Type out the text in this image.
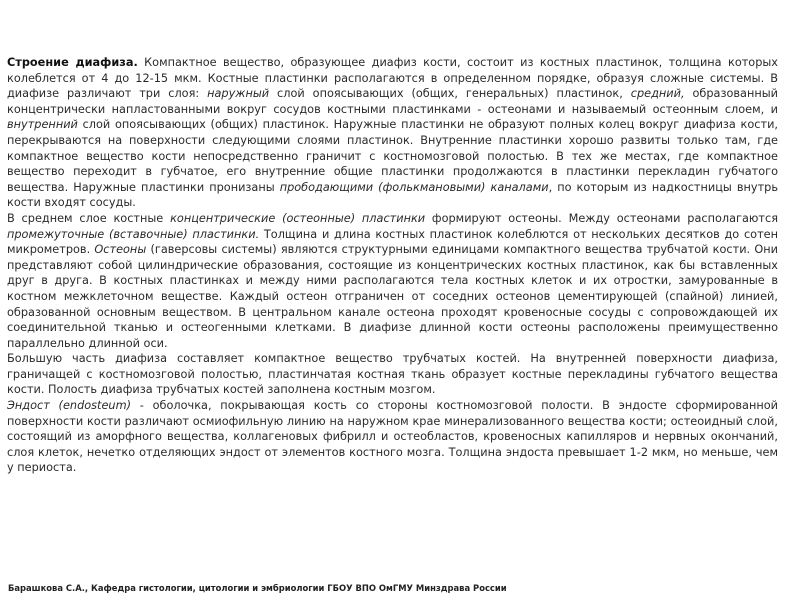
Строение диафиза. Компактное вещество, образующее диафиз кости, состоит из костных пластинок, толщина которых колеблется от 4 до 12-15 мкм. Костные пластинки располагаются в определенном порядке, образуя сложные системы. В диафизе различают три слоя: наружный слой опоясывающих (общих, генеральных) пластинок, средний, образованный концентрически напластованными вокруг сосудов костными пластинками - остеонами и называемый остеонным слоем, и внутренний слой опоясывающих (общих) пластинок. Наружные пластинки не образуют полных колец вокруг диафиза кости, перекрываются на поверхности следующими слоями пластинок. Внутренние пластинки хорошо развиты только там, где компактное вещество кости непосредственно граничит с костномозговой полостью. В тех же местах, где компактное вещество переходит в губчатое, его внутренние общие пластинки продолжаются в пластинки перекладин губчатого вещества. Наружные пластинки пронизаны прободающими (фолькмановыми) каналами, по которым из надкостницы внутрь кости входят сосуды.

В среднем слое костные концентрические (остеонные) пластинки формируют остеоны. Между остеонами располагаются промежуточные (вставочные) пластинки. Толщина и длина костных пластинок колеблются от нескольких десятков до сотен микрометров. Остеоны (гаверсовы системы) являются структурными единицами компактного вещества трубчатой кости. Они представляют собой цилиндрические образования, состоящие из концентрических костных пластинок, как бы вставленных друг в друга. В костных пластинках и между ними располагаются тела костных клеток и их отростки, замурованные в костном межклеточном веществе. Каждый остеон отграничен от соседних остеонов цементирующей (спайной) линией, образованной основным веществом. В центральном канале остеона проходят кровеносные сосуды с сопровождающей их соединительной тканью и остеогенными клетками. В диафизе длинной кости остеоны расположены преимущественно параллельно длинной оси.

Большую часть диафиза составляет компактное вещество трубчатых костей. На внутренней поверхности диафиза, граничащей с костномозговой полостью, пластинчатая костная ткань образует костные перекладины губчатого вещества кости. Полость диафиза трубчатых костей заполнена костным мозгом.

Эндост (endosteum) - оболочка, покрывающая кость со стороны костномозговой полости. В эндосте сформированной поверхности кости различают осмиофильную линию на наружном крае минерализованного вещества кости; остеоидный слой, состоящий из аморфного вещества, коллагеновых фибрилл и остеобластов, кровеносных капилляров и нервных окончаний, слоя клеток, нечетко отделяющих эндост от элементов костного мозга. Толщина эндоста превышает 1-2 мкм, но меньше, чем у периоста.

Барашкова С.А., Кафедра гистологии, цитологии и эмбриологии ГБОУ ВПО ОмГМУ Минздрава России
